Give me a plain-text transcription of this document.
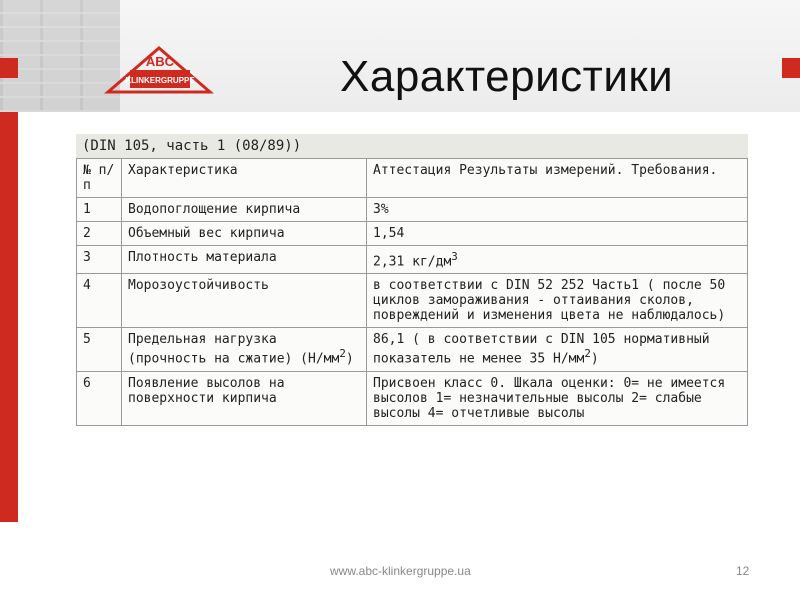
ABC
KLINKERGRUPPE	Характеристики
(DIN 105, часть 1 (08/89))
№ п/п	Характеристика	Аттестация Результаты измерений. Требования.
1	Водопоглощение кирпича	3%
2	Объемный вес кирпича	1,54
3	Плотность материала	2,31 $кг/дм^3$
4	Морозоустойчивость	в соответствии с DIN 52 252 Часть1 ( после 50 циклов замораживания - оттаивания сколов, повреждений и изменения цвета не наблюдалось)
5	Предельная нагрузка (прочность на сжатие) $(Н/мм^2)$	86,1 ( в соответствии с DIN 105 нормативный показатель не менее 35 $Н/мм^2$)
6	Появление высолов на поверхности кирпича	Присвоен класс 0. Шкала оценки: 0= не имеется высолов 1= незначительные высолы 2= слабые высолы 4= отчетливые высолы
www.abc-klinkergruppe.ua	12
